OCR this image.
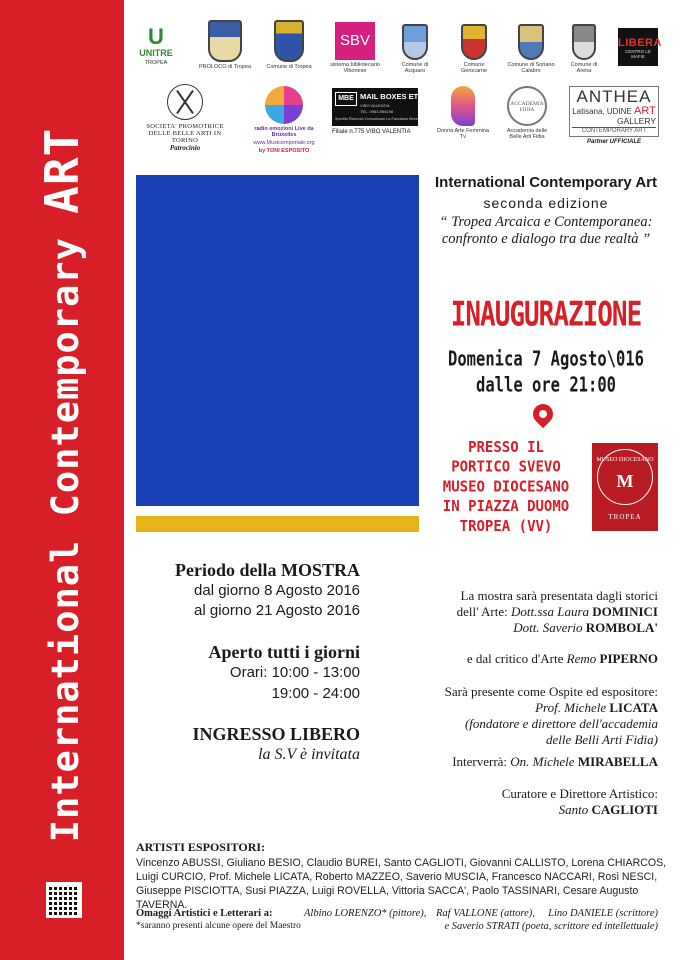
International Contemporary ART
U
UNITRE
TROPEA
PROLOCO di Tropea	Comune di Tropea
SBV
sistema bibliotecario Vibonese
Comune di Acquaro
Comune Gerocarne
Comune di Soriano Calabro
Comune di Arena
LIBERA
CENTRO LE MAFIE
SOCIETA' PROMOTRICE
DELLE BELLE ARTI IN TORINO
Patrocinio
radio emozioni Live da Bruxelles
www.Musicemporiale.org
by TONI ESPOSITO
MBE MAIL BOXES ETC.
VIBO VALENTIA
TEL. 0963-966198
Spedito Ricevuto Comunicare La Facciamo Bene
Filiale n.775 VIBO VALENTIA	Donna Arte Femmina Tv
ACCADEMIA FIDIA
Accademia delle Belle Arti Fidia
ANTHEA
Latisana, UDINE ART
GALLERY
CONTEMPORARY ART
Partner UFFICIALE
International Contemporary Art
seconda edizione
“ Tropea Arcaica e Contemporanea:
confronto e dialogo tra due realtà ”
INAUGURAZIONE
Domenica 7 Agosto\016
dalle ore 21:00
PRESSO IL
PORTICO SVEVO
MUSEO DIOCESANO
IN PIAZZA DUOMO
TROPEA (VV)
MUSEO DIOCESANO
M
TROPEA
Periodo della MOSTRA
dal giorno 8 Agosto 2016
al giorno 21 Agosto 2016
Aperto tutti i giorni
Orari: 10:00 - 13:00
19:00 - 24:00
INGRESSO LIBERO
la S.V è invitata
La mostra sarà presentata dagli storici
dell' Arte: Dott.ssa Laura DOMINICI
Dott. Saverio ROMBOLA'
e dal critico d'Arte Remo PIPERNO
Sarà presente come Ospite ed espositore:
Prof. Michele LICATA
(fondatore e direttore dell'accademia
delle Belli Arti Fidia)
Interverrà: On. Michele MIRABELLA
Curatore e Direttore Artistico:
Santo CAGLIOTI
ARTISTI ESPOSITORI:
Vincenzo ABUSSI, Giuliano BESIO, Claudio BUREI, Santo CAGLIOTI, Giovanni CALLISTO, Lorena CHIARCOS,
Luigi CURCIO, Prof. Michele LICATA, Roberto MAZZEO, Saverio MUSCIA, Francesco NACCARI, Rosi NESCI,
Giuseppe PISCIOTTA, Susi PIAZZA, Luigi ROVELLA, Vittoria SACCA', Paolo TASSINARI, Cesare Augusto TAVERNA.
Omaggi Artistici e Letterari a:	Albino LORENZO* (pittore), Raf VALLONE (attore), Lino DANIELE (scrittore)
*saranno presenti alcune opere del Maestro	e Saverio STRATI (poeta, scrittore ed intellettuale)
